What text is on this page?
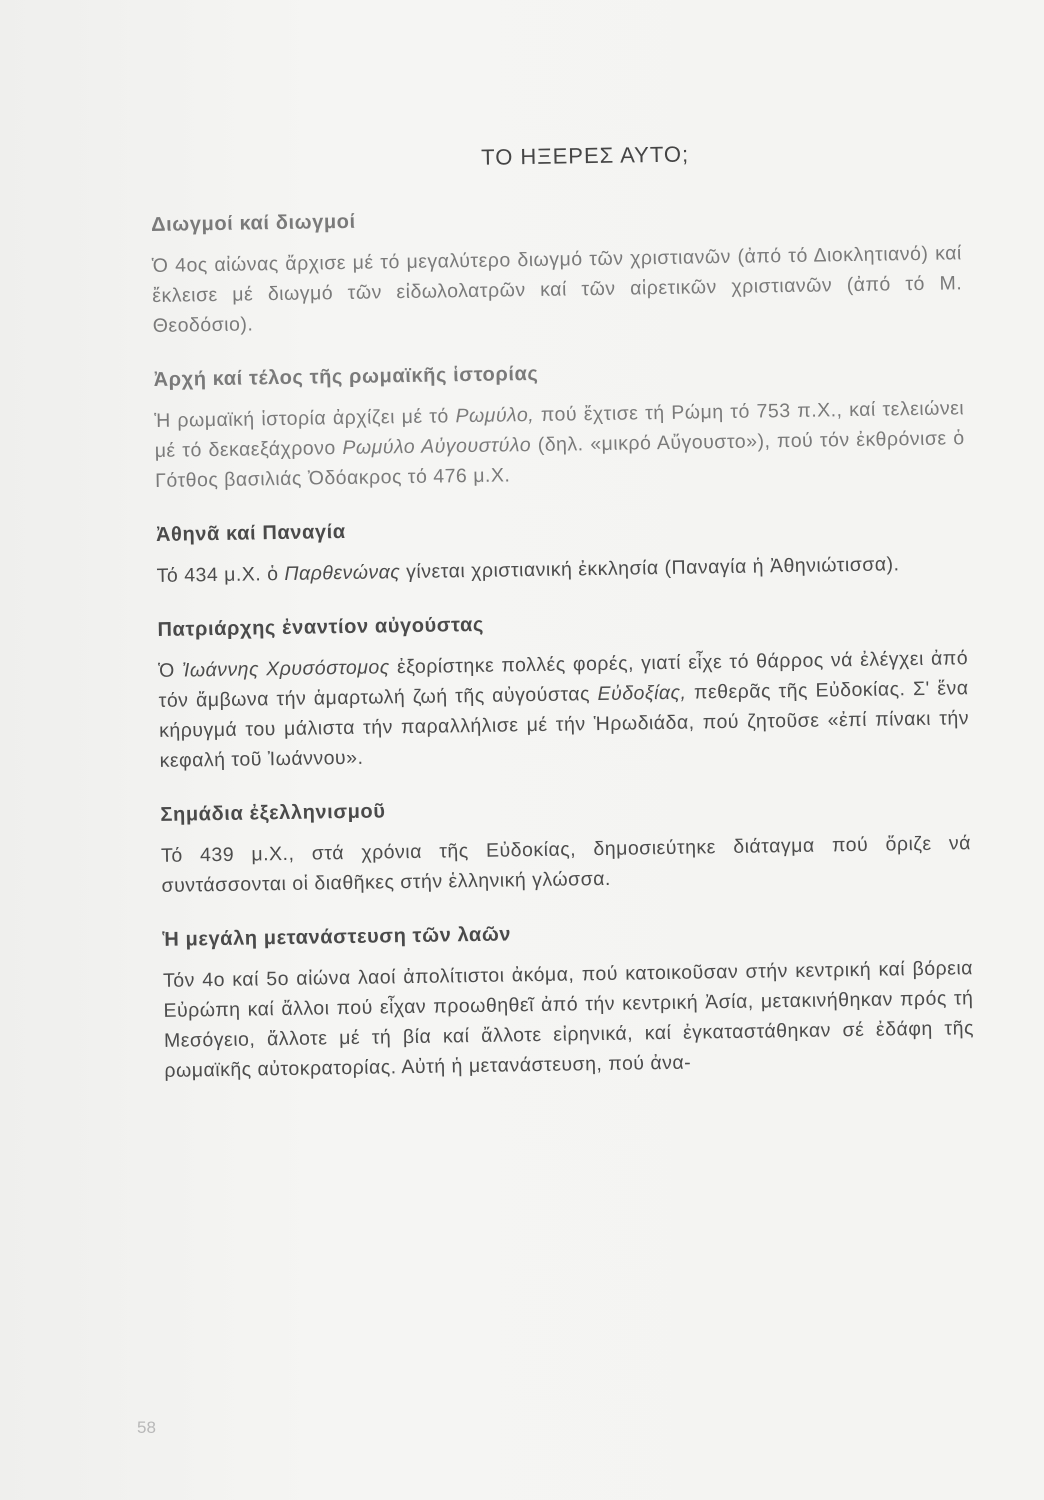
ΤΟ ΗΞΕΡΕΣ ΑΥΤΟ;
Διωγμοί καί διωγμοί

Ὁ 4ος αἰώνας ἄρχισε μέ τό μεγαλύτερο διωγμό τῶν χριστιανῶν (ἀπό τό Διοκλητιανό) καί ἔκλεισε μέ διωγμό τῶν εἰδωλολατρῶν καί τῶν αἱρετικῶν χριστιανῶν (ἀπό τό Μ. Θεοδόσιο).

Ἀρχή καί τέλος τῆς ρωμαϊκῆς ἱστορίας

Ἡ ρωμαϊκή ἱστορία ἀρχίζει μέ τό Ρωμύλο, πού ἔχτισε τή Ρώμη τό 753 π.Χ., καί τελειώνει μέ τό δεκαεξάχρονο Ρωμύλο Αὐγουστύλο (δηλ. «μικρό Αὔγουστο»), πού τόν ἐκθρόνισε ὁ Γότθος βασιλιάς Ὀδόακρος τό 476 μ.Χ.

Ἀθηνᾶ καί Παναγία

Τό 434 μ.Χ. ὁ Παρθενώνας γίνεται χριστιανική ἐκκλησία (Παναγία ἡ Ἀθηνιώτισσα).

Πατριάρχης ἐναντίον αὐγούστας

Ὁ Ἰωάννης Χρυσόστομος ἐξορίστηκε πολλές φορές, γιατί εἶχε τό θάρρος νά ἐλέγχει ἀπό τόν ἄμβωνα τήν ἁμαρτωλή ζωή τῆς αὐγούστας Εὐδοξίας, πεθερᾶς τῆς Εὐδοκίας. Σ' ἕνα κήρυγμά του μάλιστα τήν παραλλήλισε μέ τήν Ἡρωδιάδα, πού ζητοῦσε «ἐπί πίνακι τήν κεφαλή τοῦ Ἰωάννου».

Σημάδια ἐξελληνισμοῦ

Τό 439 μ.Χ., στά χρόνια τῆς Εὐδοκίας, δημοσιεύτηκε διάταγμα πού ὅριζε νά συντάσσονται οἱ διαθῆκες στήν ἑλληνική γλώσσα.

Ἡ μεγάλη μετανάστευση τῶν λαῶν

Τόν 4ο καί 5ο αἰώνα λαοί ἀπολίτιστοι ἀκόμα, πού κατοικοῦσαν στήν κεντρική καί βόρεια Εὐρώπη καί ἄλλοι πού εἶχαν προωθηθεῖ ἀπό τήν κεντρική Ἀσία, μετακινήθηκαν πρός τή Μεσόγειο, ἄλλοτε μέ τή βία καί ἄλλοτε εἰρηνικά, καί ἐγκαταστάθηκαν σέ ἐδάφη τῆς ρωμαϊκῆς αὐτοκρατορίας. Αὐτή ἡ μετανάστευση, πού ἀνα-

58
